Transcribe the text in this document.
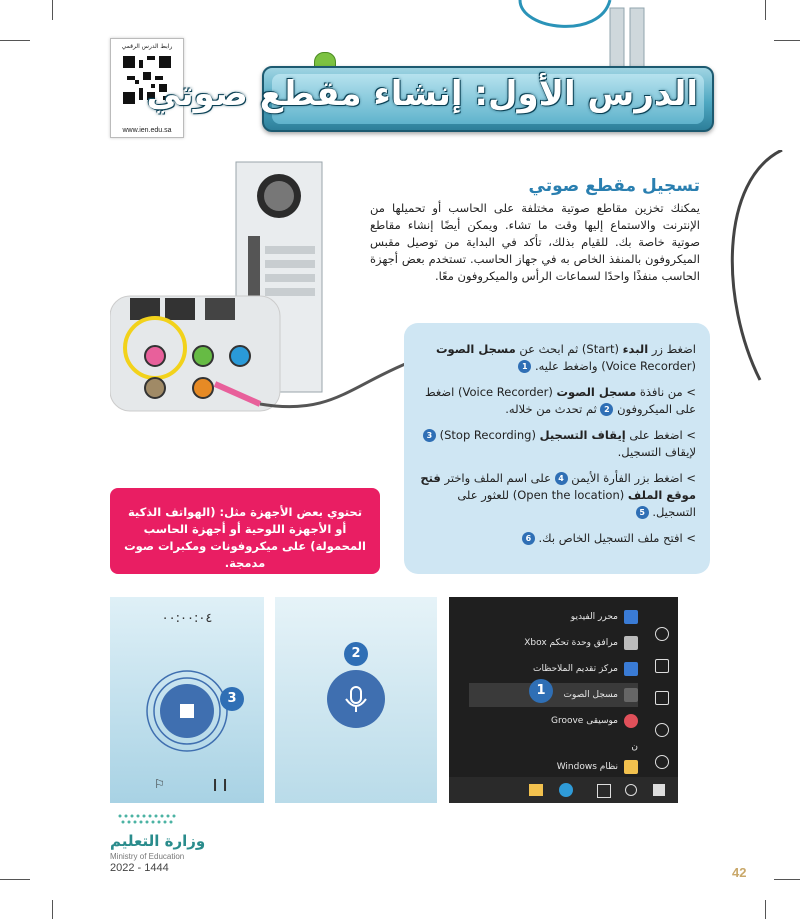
رابط الدرس الرقمي
www.ien.edu.sa
الدرس الأول: إنشاء مقطع صوتي
تسجيل مقطع صوتي
يمكنك تخزين مقاطع صوتية مختلفة على الحاسب أو تحميلها من الإنترنت والاستماع إليها وقت ما تشاء. ويمكن أيضًا إنشاء مقاطع صوتية خاصة بك. للقيام بذلك، تأكد في البداية من توصيل مقبس الميكروفون بالمنفذ الخاص به في جهاز الحاسب. تستخدم بعض أجهزة الحاسب منفذًا واحدًا لسماعات الرأس والميكروفون معًا.
اضغط زر البدء (Start) ثم ابحث عن مسجل الصوت (Voice Recorder) واضغط عليه. 1
> من نافذة مسجل الصوت (Voice Recorder) اضغط على الميكروفون 2 ثم تحدث من خلاله.
> اضغط على إيقاف التسجيل (Stop Recording) 3 لإيقاف التسجيل.
> اضغط بزر الفأرة الأيمن 4 على اسم الملف واختر فتح موقع الملف (Open the location) للعثور على التسجيل. 5
> افتح ملف التسجيل الخاص بك. 6
تحتوي بعض الأجهزة مثل: (الهواتف الذكية أو الأجهزة اللوحية أو أجهزة الحاسب المحمولة) على ميكروفونات ومكبرات صوت مدمجة.
٠٠:٠٠:٠٤
3
⚐	❙❙
2
محرر الفيديو
مرافق وحدة تحكم Xbox
مركز تقديم الملاحظات
مسجل الصوت
1
موسيقى Groove
ن
نظام Windows
وزارة التعليم
Ministry of Education
2022 - 1444	42
